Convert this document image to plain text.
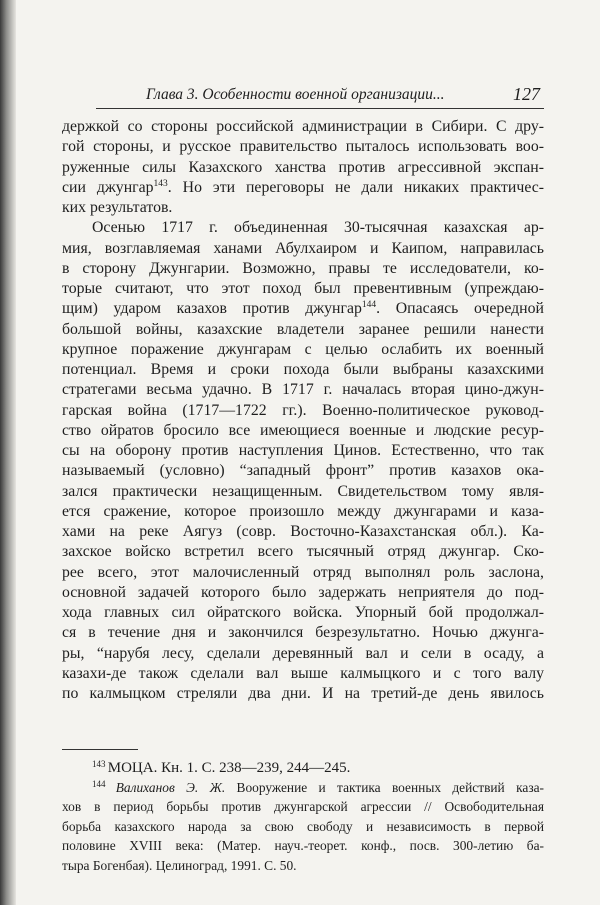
Глава 3. Особенности военной организации...	127
держкой со стороны российской администрации в Сибири. С дру-
гой стороны, и русское правительство пыталось использовать воо-
руженные силы Казахского ханства против агрессивной экспан-
сии джунгар$^{143}$. Но эти переговоры не дали никаких практичес-
ких результатов.
Осенью 1717 г. объединенная 30-тысячная казахская ар-
мия, возглавляемая ханами Абулхаиром и Каипом, направилась
в сторону Джунгарии. Возможно, правы те исследователи, ко-
торые считают, что этот поход был превентивным (упреждаю-
щим) ударом казахов против джунгар$^{144}$. Опасаясь очередной
большой войны, казахские владетели заранее решили нанести
крупное поражение джунгарам с целью ослабить их военный
потенциал. Время и сроки похода были выбраны казахскими
стратегами весьма удачно. В 1717 г. началась вторая цино-джун-
гарская война (1717—1722 гг.). Военно-политическое руковод-
ство ойратов бросило все имеющиеся военные и людские ресур-
сы на оборону против наступления Цинов. Естественно, что так
называемый (условно) “западный фронт” против казахов ока-
зался практически незащищенным. Свидетельством тому явля-
ется сражение, которое произошло между джунгарами и каза-
хами на реке Аягуз (совр. Восточно-Казахстанская обл.). Ка-
захское войско встретил всего тысячный отряд джунгар. Ско-
рее всего, этот малочисленный отряд выполнял роль заслона,
основной задачей которого было задержать неприятеля до под-
хода главных сил ойратского войска. Упорный бой продолжал-
ся в течение дня и закончился безрезультатно. Ночью джунга-
ры, “нарубя лесу, сделали деревянный вал и сели в осаду, а
казахи-де також сделали вал выше калмыцкого и с того валу
по калмыцком стреляли два дни. И на третий-де день явилось
$^{143}$ МОЦА. Кн. 1. С. 238—239, 244—245.
$^{144}$ Валиханов Э. Ж. Вооружение и тактика военных действий каза-
хов в период борьбы против джунгарской агрессии // Освободительная
борьба казахского народа за свою свободу и независимость в первой
половине XVIII века: (Матер. науч.-теорет. конф., посв. 300-летию ба-
тыра Богенбая). Целиноград, 1991. С. 50.
